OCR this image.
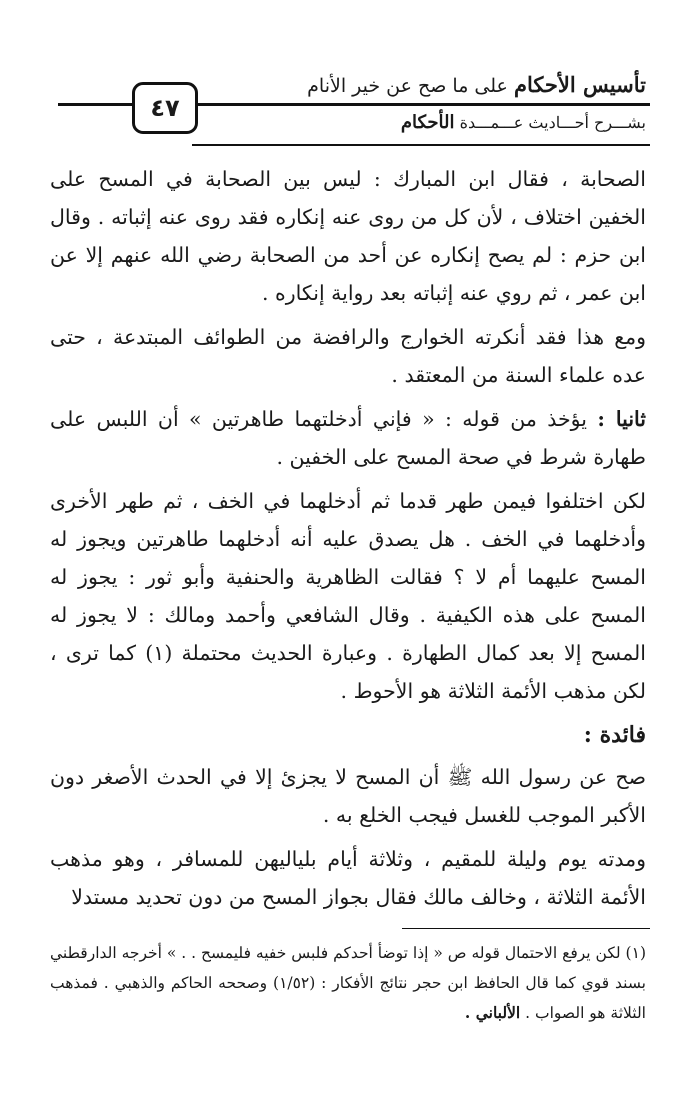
تأسيس الأحكام على ما صح عن خير الأنام
٤٧
بشـــرح أحـــاديث عـــمـــدة الأحكام

الصحابة ، فقال ابن المبارك : ليس بين الصحابة في المسح على الخفين اختلاف ، لأن كل من روى عنه إنكاره فقد روى عنه إثباته . وقال ابن حزم : لم يصح إنكاره عن أحد من الصحابة رضي الله عنهم إلا عن ابن عمر ، ثم روي عنه إثباته بعد رواية إنكاره .

ومع هذا فقد أنكرته الخوارج والرافضة من الطوائف المبتدعة ، حتى عده علماء السنة من المعتقد .

ثانيا : يؤخذ من قوله : « فإني أدخلتهما طاهرتين » أن اللبس على طهارة شرط في صحة المسح على الخفين .

لكن اختلفوا فيمن طهر قدما ثم أدخلهما في الخف ، ثم طهر الأخرى وأدخلهما في الخف . هل يصدق عليه أنه أدخلهما طاهرتين ويجوز له المسح عليهما أم لا ؟ فقالت الظاهرية والحنفية وأبو ثور : يجوز له المسح على هذه الكيفية . وقال الشافعي وأحمد ومالك : لا يجوز له المسح إلا بعد كمال الطهارة . وعبارة الحديث محتملة (١) كما ترى ، لكن مذهب الأئمة الثلاثة هو الأحوط .

فائدة :

صح عن رسول الله ﷺ أن المسح لا يجزئ إلا في الحدث الأصغر دون الأكبر الموجب للغسل فيجب الخلع به .

ومدته يوم وليلة للمقيم ، وثلاثة أيام بلياليهن للمسافر ، وهو مذهب الأئمة الثلاثة ، وخالف مالك فقال بجواز المسح من دون تحديد مستدلا

(١) لكن يرفع الاحتمال قوله ص « إذا توضأ أحدكم فلبس خفيه فليمسح . . » أخرجه الدارقطني بسند قوي كما قال الحافظ ابن حجر نتائج الأفكار : (١/٥٢) وصححه الحاكم والذهبي . فمذهب الثلاثة هو الصواب . الألباني .
